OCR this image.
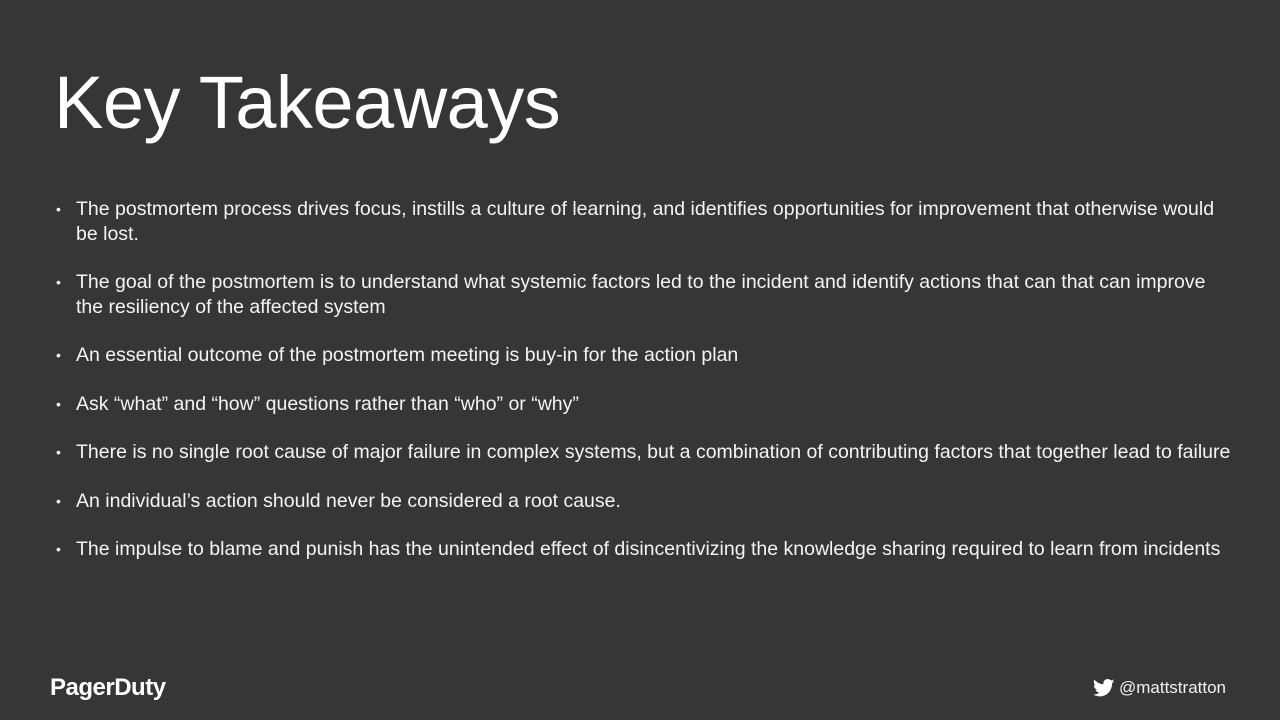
Key Takeaways
• The postmortem process drives focus, instills a culture of learning, and identifies opportunities for improvement that otherwise would be lost.
• The goal of the postmortem is to understand what systemic factors led to the incident and identify actions that can that can improve the resiliency of the affected system
• An essential outcome of the postmortem meeting is buy-in for the action plan
• Ask “what” and “how” questions rather than “who” or “why”
• There is no single root cause of major failure in complex systems, but a combination of contributing factors that together lead to failure
• An individual’s action should never be considered a root cause.
• The impulse to blame and punish has the unintended effect of disincentivizing the knowledge sharing required to learn from incidents
PagerDuty	@mattstratton
